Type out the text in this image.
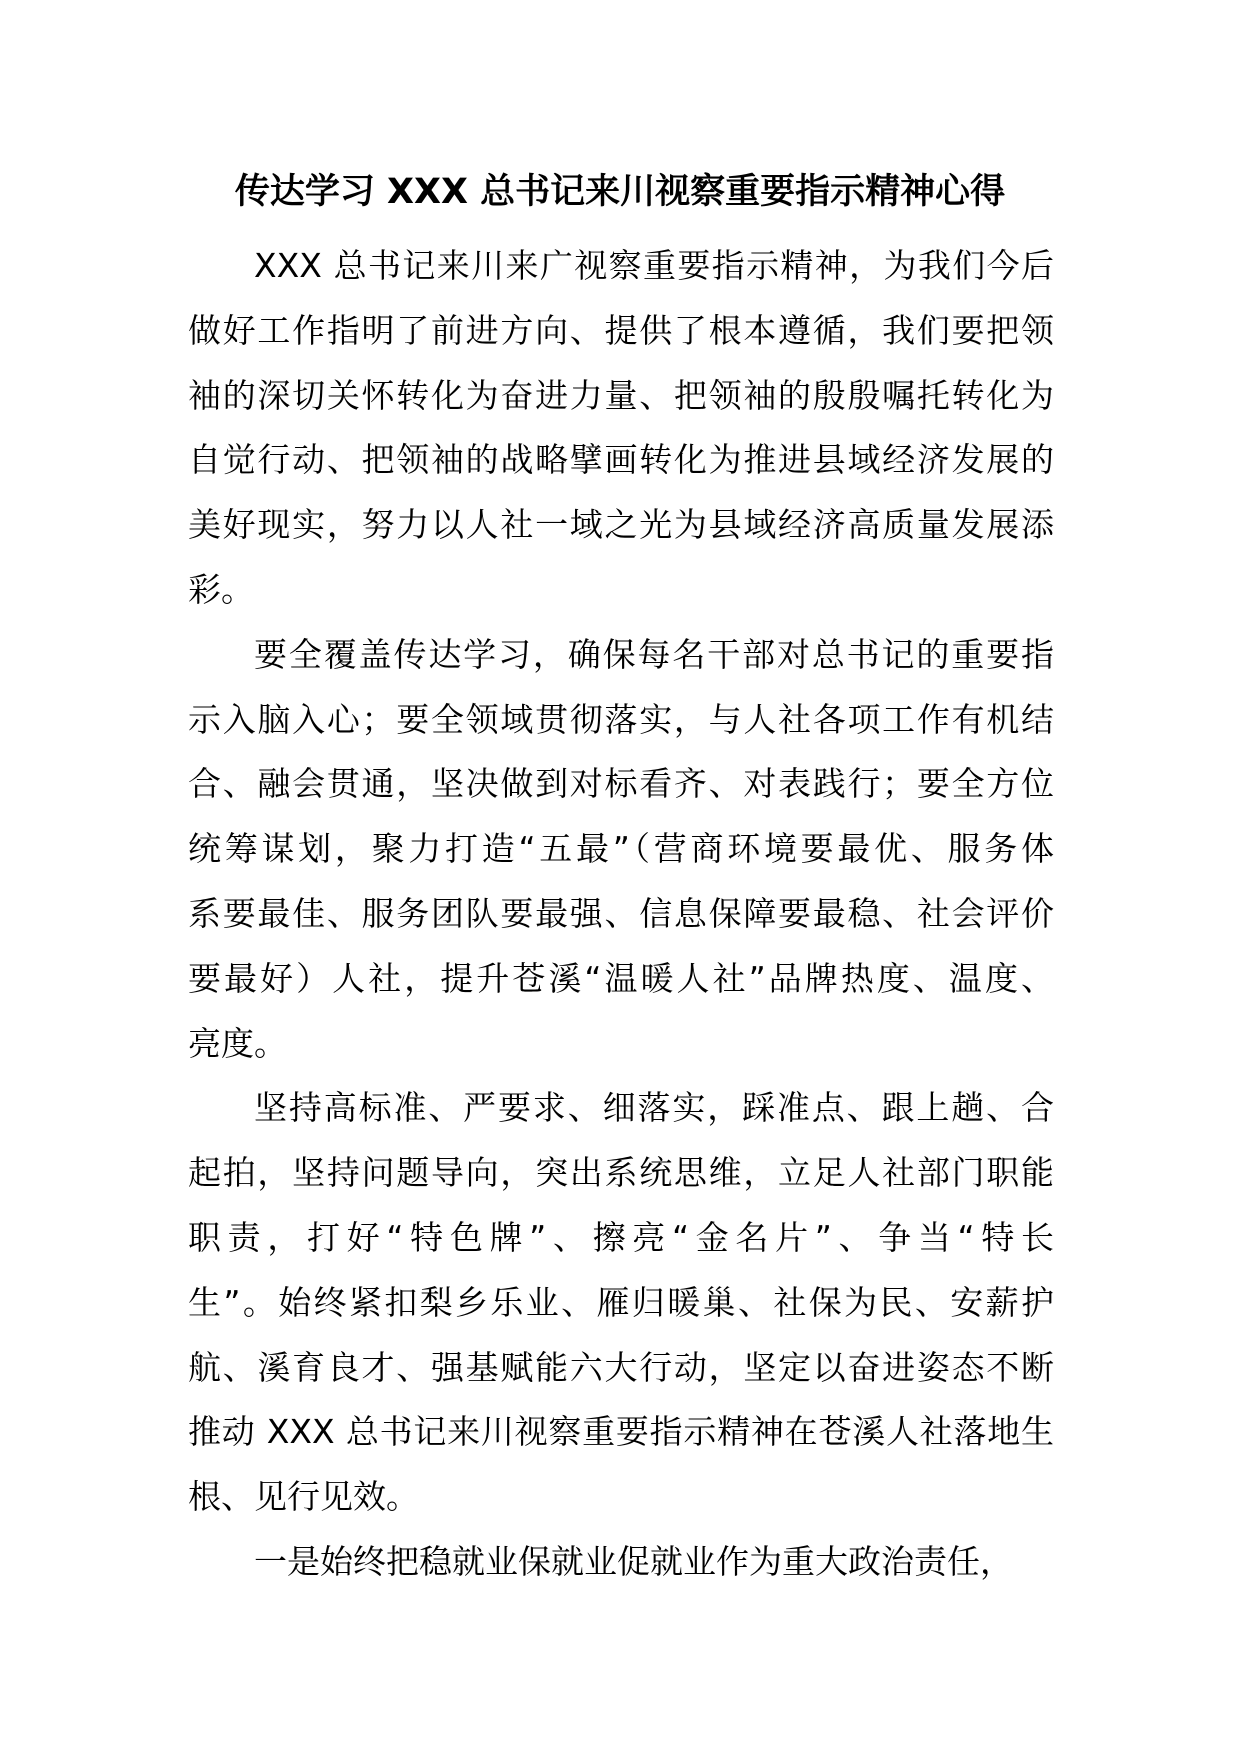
传达学习 XXX 总书记来川视察重要指示精神心得
XXX 总书记来川来广视察重要指示精神，为我们今后
做好工作指明了前进方向、提供了根本遵循，我们要把领
袖的深切关怀转化为奋进力量、把领袖的殷殷嘱托转化为
自觉行动、把领袖的战略擘画转化为推进县域经济发展的
美好现实，努力以人社一域之光为县域经济高质量发展添
彩。
要全覆盖传达学习，确保每名干部对总书记的重要指
示入脑入心；要全领域贯彻落实，与人社各项工作有机结
合、融会贯通，坚决做到对标看齐、对表践行；要全方位
统筹谋划，聚力打造“五最”（营商环境要最优、服务体
系要最佳、服务团队要最强、信息保障要最稳、社会评价
要最好）人社，提升苍溪“温暖人社”品牌热度、温度、
亮度。
坚持高标准、严要求、细落实，踩准点、跟上趟、合
起拍，坚持问题导向，突出系统思维，立足人社部门职能
职责，打好“特色牌”、擦亮“金名片”、争当“特长
生”。始终紧扣梨乡乐业、雁归暖巢、社保为民、安薪护
航、溪育良才、强基赋能六大行动，坚定以奋进姿态不断
推动 XXX 总书记来川视察重要指示精神在苍溪人社落地生
根、见行见效。
一是始终把稳就业保就业促就业作为重大政治责任，
